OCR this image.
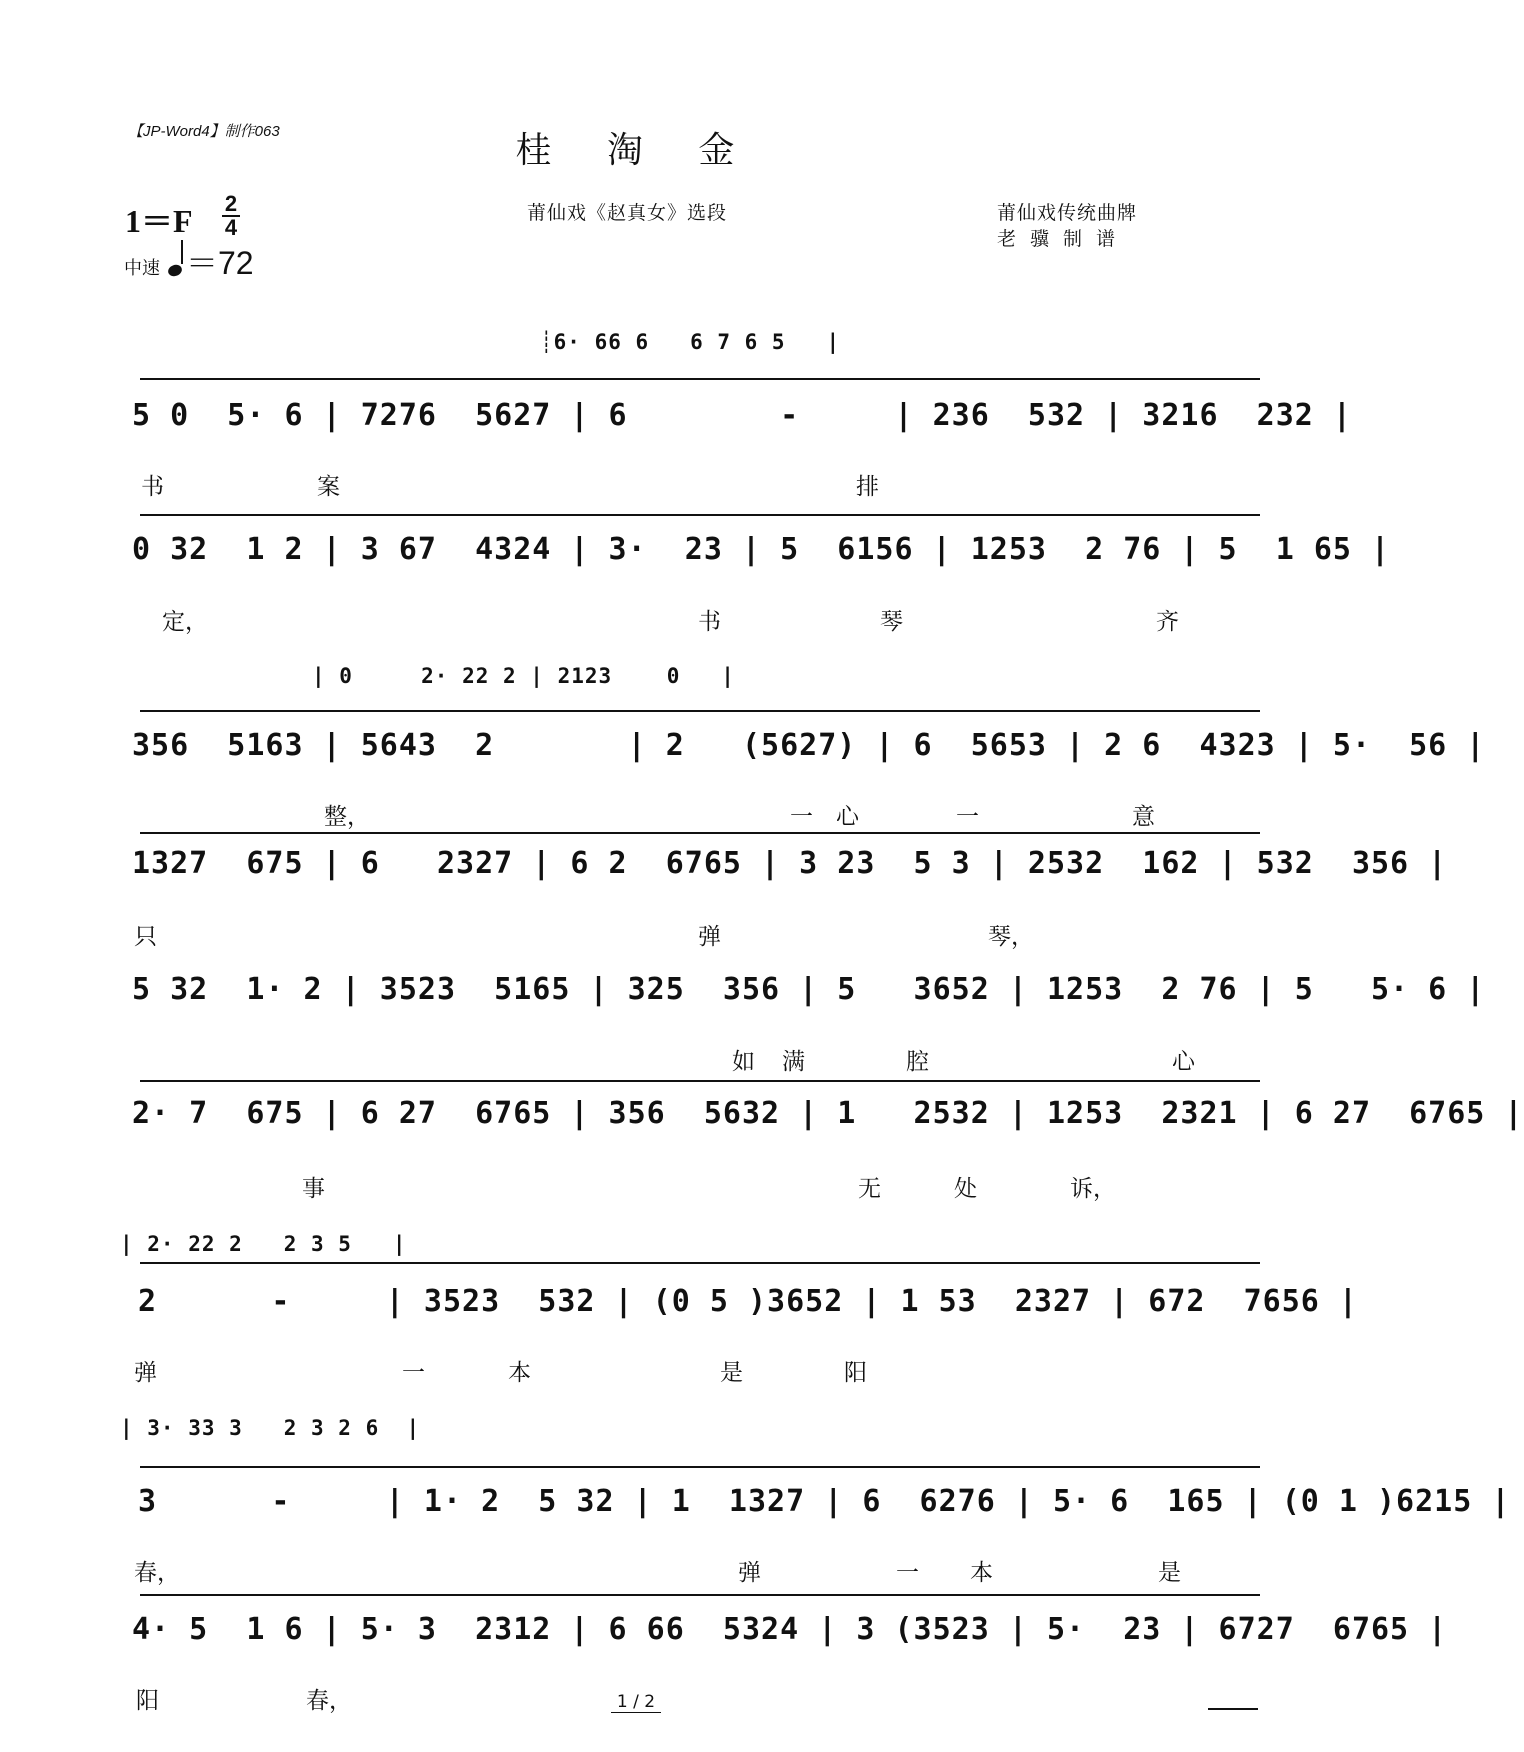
【JP-Word4】制作063	桂 淘 金
1＝F 2
4
中速 ＝72
莆仙戏《赵真女》选段	莆仙戏传统曲牌
老骥制谱
┊6· 66 6   6 7 6 5   |
5 0  5· 6 | 7276  5627 | 6        -     | 236  532 | 3216  232 |
书	案	排
0 32  1 2 | 3 67  4324 | 3·  23 | 5  6156 | 1253  2 76 | 5  1 65 |
定，	书	琴	齐
| 0     2· 22 2 | 2123    0   |
356  5163 | 5643  2       | 2   (5627) | 6  5653 | 2 6  4323 | 5·  56 |
整，	一 心	一	意
1327  675 | 6   2327 | 6 2  6765 | 3 23  5 3 | 2532  162 | 532  356 |
只	弹	琴，
5 32  1· 2 | 3523  5165 | 325  356 | 5   3652 | 1253  2 76 | 5   5· 6 |
如 满	腔	心
2· 7  675 | 6 27  6765 | 356  5632 | 1   2532 | 1253  2321 | 6 27  6765 |
事	无	处	诉，
| 2· 22 2   2 3 5   |
2      -     | 3523  532 | (0 5 )3652 | 1 53  2327 | 672  7656 |
弹	一	本	是	阳
| 3· 33 3   2 3 2 6  |
3      -     | 1· 2  5 32 | 1  1327 | 6  6276 | 5· 6  165 | (0 1 )6215 |
春，	弹	一 本	是
4· 5  1 6 | 5· 3  2312 | 6 66  5324 | 3 (3523 | 5·  23 | 6727  6765 |
阳	春，	1 / 2
